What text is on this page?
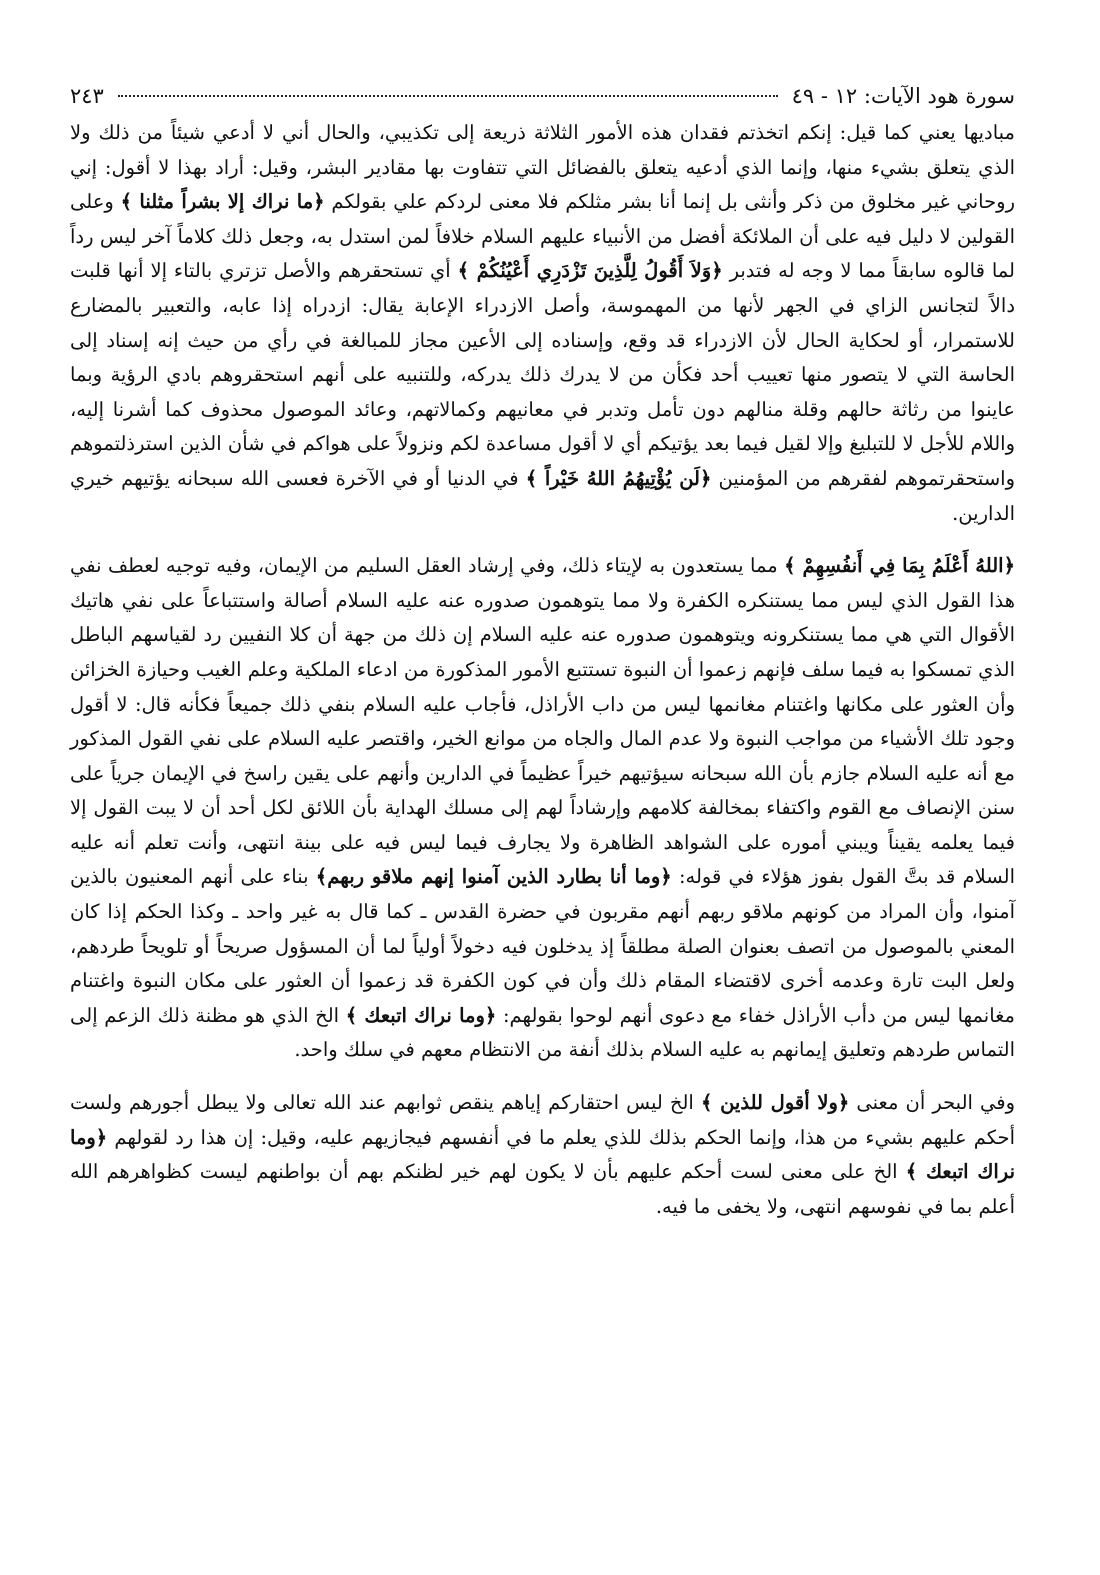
سورة هود الآيات: ١٢ - ٤٩
٢٤٣

مباديها يعني كما قيل: إنكم اتخذتم فقدان هذه الأمور الثلاثة ذريعة إلى تكذيبي، والحال أني لا أدعي شيئاً من ذلك ولا الذي يتعلق بشيء منها، وإنما الذي أدعيه يتعلق بالفضائل التي تتفاوت بها مقادير البشر، وقيل: أراد بهذا لا أقول: إني روحاني غير مخلوق من ذكر وأنثى بل إنما أنا بشر مثلكم فلا معنى لردكم علي بقولكم ﴿ما نراك إلا بشراً مثلنا ﴾ وعلى القولين لا دليل فيه على أن الملائكة أفضل من الأنبياء عليهم السلام خلافاً لمن استدل به، وجعل ذلك كلاماً آخر ليس رداً لما قالوه سابقاً مما لا وجه له فتدبر ﴿وَلاَ أَقُولُ لِلَّذِينَ تَزْدَرِي أَعْيُنُكُمْ ﴾ أي تستحقرهم والأصل تزتري بالتاء إلا أنها قلبت دالاً لتجانس الزاي في الجهر لأنها من المهموسة، وأصل الازدراء الإعابة يقال: ازدراه إذا عابه، والتعبير بالمضارع للاستمرار، أو لحكاية الحال لأن الازدراء قد وقع، وإسناده إلى الأعين مجاز للمبالغة في رأي من حيث إنه إسناد إلى الحاسة التي لا يتصور منها تعييب أحد فكأن من لا يدرك ذلك يدركه، وللتنبيه على أنهم استحقروهم بادي الرؤية وبما عاينوا من رثاثة حالهم وقلة منالهم دون تأمل وتدبر في معانيهم وكمالاتهم، وعائد الموصول محذوف كما أشرنا إليه، واللام للأجل لا للتبليغ وإلا لقيل فيما بعد يؤتيكم أي لا أقول مساعدة لكم ونزولاً على هواكم في شأن الذين استرذلتموهم واستحقرتموهم لفقرهم من المؤمنين ﴿لَن يُؤْتِيهُمُ اللهُ خَيْراً ﴾ في الدنيا أو في الآخرة فعسى الله سبحانه يؤتيهم خيري الدارين.

﴿اللهُ أَعْلَمُ بِمَا فِي أَنفُسِهِمْ ﴾ مما يستعدون به لإيتاء ذلك، وفي إرشاد العقل السليم من الإيمان، وفيه توجيه لعطف نفي هذا القول الذي ليس مما يستنكره الكفرة ولا مما يتوهمون صدوره عنه عليه السلام أصالة واستتباعاً على نفي هاتيك الأقوال التي هي مما يستنكرونه ويتوهمون صدوره عنه عليه السلام إن ذلك من جهة أن كلا النفيين رد لقياسهم الباطل الذي تمسكوا به فيما سلف فإنهم زعموا أن النبوة تستتبع الأمور المذكورة من ادعاء الملكية وعلم الغيب وحيازة الخزائن وأن العثور على مكانها واغتنام مغانمها ليس من داب الأراذل، فأجاب عليه السلام بنفي ذلك جميعاً فكأنه قال: لا أقول وجود تلك الأشياء من مواجب النبوة ولا عدم المال والجاه من موانع الخير، واقتصر عليه السلام على نفي القول المذكور مع أنه عليه السلام جازم بأن الله سبحانه سيؤتيهم خيراً عظيماً في الدارين وأنهم على يقين راسخ في الإيمان جرياً على سنن الإنصاف مع القوم واكتفاء بمخالفة كلامهم وإرشاداً لهم إلى مسلك الهداية بأن اللائق لكل أحد أن لا يبت القول إلا فيما يعلمه يقيناً ويبني أموره على الشواهد الظاهرة ولا يجارف فيما ليس فيه على بينة انتهى، وأنت تعلم أنه عليه السلام قد بتَّ القول بفوز هؤلاء في قوله: ﴿وما أنا بطارد الذين آمنوا إنهم ملاقو ربهم﴾ بناء على أنهم المعنيون بالذين آمنوا، وأن المراد من كونهم ملاقو ربهم أنهم مقربون في حضرة القدس ـ كما قال به غير واحد ـ وكذا الحكم إذا كان المعني بالموصول من اتصف بعنوان الصلة مطلقاً إذ يدخلون فيه دخولاً أولياً لما أن المسؤول صريحاً أو تلويحاً طردهم، ولعل البت تارة وعدمه أخرى لاقتضاء المقام ذلك وأن في كون الكفرة قد زعموا أن العثور على مكان النبوة واغتنام مغانمها ليس من دأب الأراذل خفاء مع دعوى أنهم لوحوا بقولهم: ﴿وما نراك اتبعك ﴾ الخ الذي هو مظنة ذلك الزعم إلى التماس طردهم وتعليق إيمانهم به عليه السلام بذلك أنفة من الانتظام معهم في سلك واحد.

وفي البحر أن معنى ﴿ولا أقول للذين ﴾ الخ ليس احتقاركم إياهم ينقص ثوابهم عند الله تعالى ولا يبطل أجورهم ولست أحكم عليهم بشيء من هذا، وإنما الحكم بذلك للذي يعلم ما في أنفسهم فيجازيهم عليه، وقيل: إن هذا رد لقولهم ﴿وما نراك اتبعك ﴾ الخ على معنى لست أحكم عليهم بأن لا يكون لهم خير لظنكم بهم أن بواطنهم ليست كظواهرهم الله أعلم بما في نفوسهم انتهى، ولا يخفى ما فيه.
